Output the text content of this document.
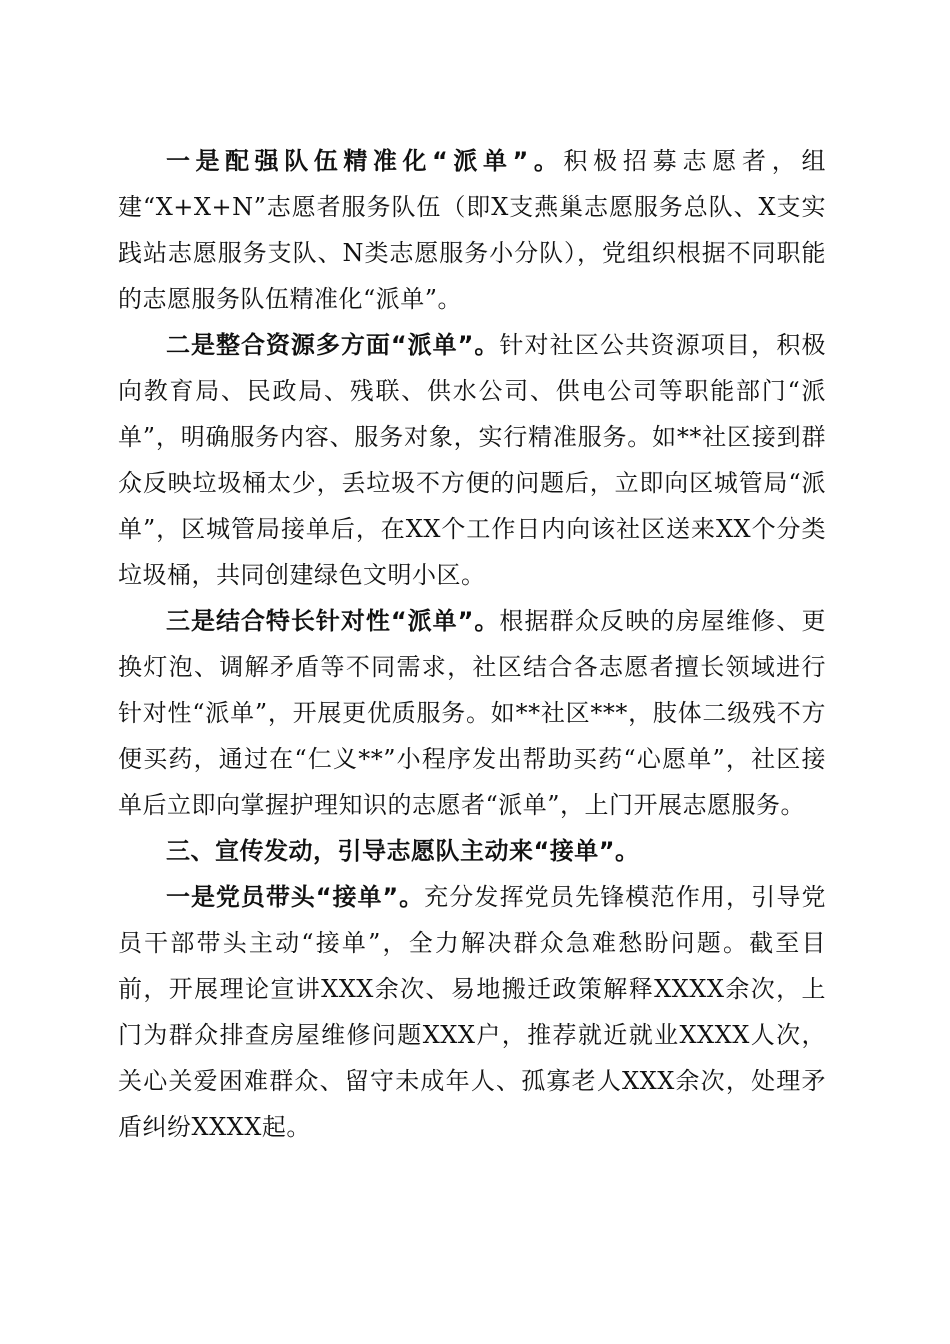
一是配强队伍精准化“派单”。积极招募志愿者，组建“X+X+N”志愿者服务队伍（即X支燕巢志愿服务总队、X支实践站志愿服务支队、N类志愿服务小分队），党组织根据不同职能的志愿服务队伍精准化“派单”。

二是整合资源多方面“派单”。针对社区公共资源项目，积极向教育局、民政局、残联、供水公司、供电公司等职能部门“派单”，明确服务内容、服务对象，实行精准服务。如**社区接到群众反映垃圾桶太少，丢垃圾不方便的问题后，立即向区城管局“派单”，区城管局接单后，在XX个工作日内向该社区送来XX个分类垃圾桶，共同创建绿色文明小区。

三是结合特长针对性“派单”。根据群众反映的房屋维修、更换灯泡、调解矛盾等不同需求，社区结合各志愿者擅长领域进行针对性“派单”，开展更优质服务。如**社区***，肢体二级残不方便买药，通过在“仁义**”小程序发出帮助买药“心愿单”，社区接单后立即向掌握护理知识的志愿者“派单”，上门开展志愿服务。

三、宣传发动，引导志愿队主动来“接单”。

一是党员带头“接单”。充分发挥党员先锋模范作用，引导党员干部带头主动“接单”，全力解决群众急难愁盼问题。截至目前，开展理论宣讲XXX余次、易地搬迁政策解释XXXX余次，上门为群众排查房屋维修问题XXX户，推荐就近就业XXXX人次，关心关爱困难群众、留守未成年人、孤寡老人XXX余次，处理矛盾纠纷XXXX起。
